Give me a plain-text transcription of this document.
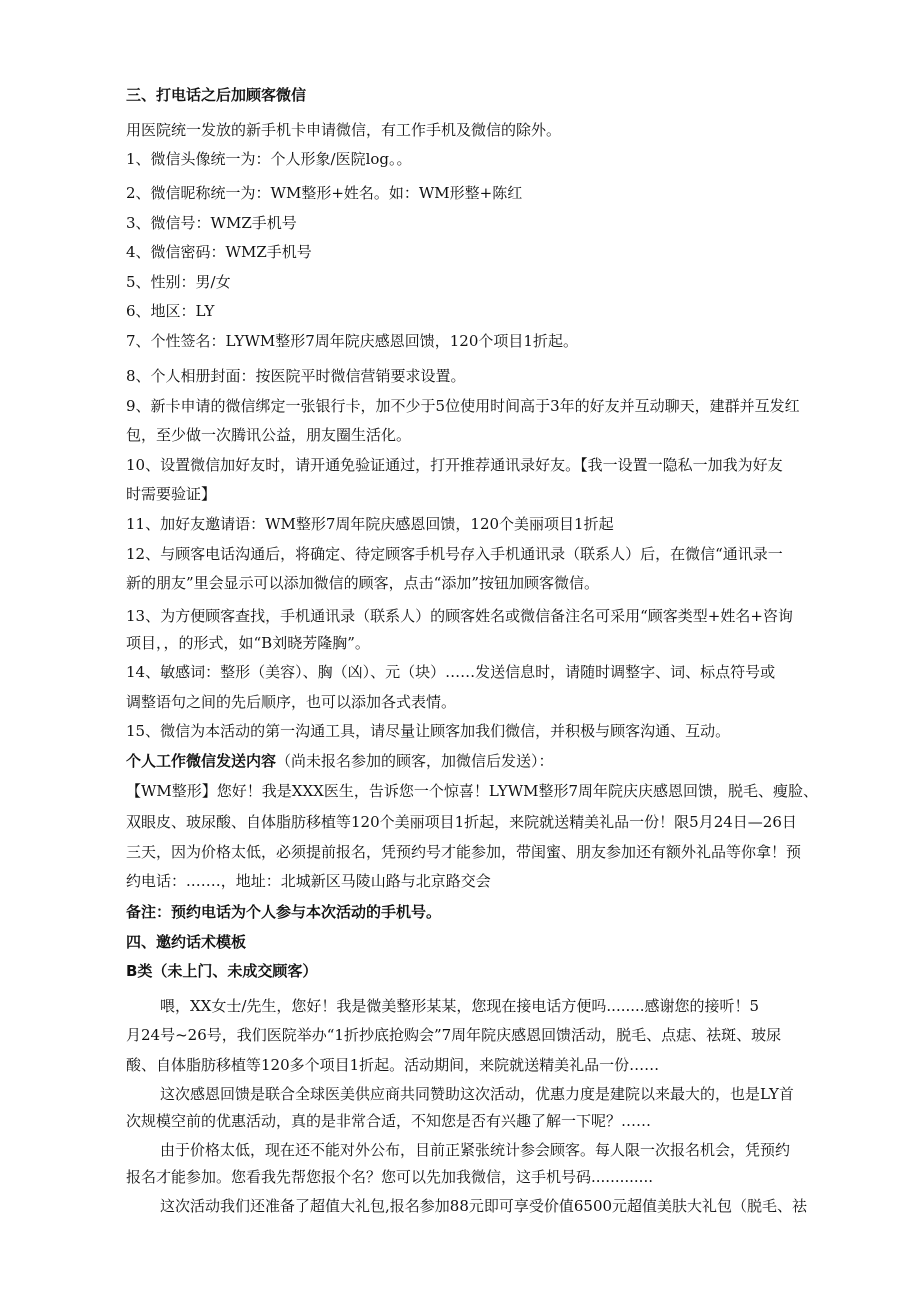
三、打电话之后加顾客微信
用医院统一发放的新手机卡申请微信，有工作手机及微信的除外。
1、微信头像统一为：个人形象/医院log。。
2、微信昵称统一为：WM整形+姓名。如：WM形整+陈红
3、微信号：WMZ手机号
4、微信密码：WMZ手机号
5、性别：男/女
6、地区：LY
7、个性签名：LYWM整形7周年院庆感恩回馈，120个项目1折起。
8、个人相册封面：按医院平时微信营销要求设置。
9、新卡申请的微信绑定一张银行卡，加不少于5位使用时间高于3年的好友并互动聊天，建群并互发红
包，至少做一次腾讯公益，朋友圈生活化。
10、设置微信加好友时，请开通免验证通过，打开推荐通讯录好友。【我一设置一隐私一加我为好友
时需要验证】
11、加好友邀请语：WM整形7周年院庆感恩回馈，120个美丽项目1折起
12、与顾客电话沟通后，将确定、待定顾客手机号存入手机通讯录（联系人）后，在微信“通讯录一
新的朋友”里会显示可以添加微信的顾客，点击“添加”按钮加顾客微信。
13、为方便顾客查找，手机通讯录（联系人）的顾客姓名或微信备注名可采用“顾客类型+姓名+咨询
项目，，的形式，如“B刘晓芳隆胸”。
14、敏感词：整形（美容）、胸（凶）、元（块）……发送信息时，请随时调整字、词、标点符号或
调整语句之间的先后顺序，也可以添加各式表情。
15、微信为本活动的第一沟通工具，请尽量让顾客加我们微信，并积极与顾客沟通、互动。
个人工作微信发送内容（尚未报名参加的顾客，加微信后发送）：
【WM整形】您好！我是XXX医生，告诉您一个惊喜！LYWM整形7周年院庆庆感恩回馈，脱毛、瘦脸、
双眼皮、玻尿酸、自体脂肪移植等120个美丽项目1折起，来院就送精美礼品一份！限5月24日—26日
三天，因为价格太低，必须提前报名，凭预约号才能参加，带闺蜜、朋友参加还有额外礼品等你拿！预
约电话：.……，地址：北城新区马陵山路与北京路交会
备注：预约电话为个人参与本次活动的手机号。
四、邀约话术模板
B类（未上门、未成交顾客）
喂，XX女士/先生，您好！我是微美整形某某，您现在接电话方便吗........感谢您的接听！5
月24号~26号，我们医院举办“1折抄底抢购会”7周年院庆感恩回馈活动，脱毛、点痣、祛斑、玻尿
酸、自体脂肪移植等120多个项目1折起。活动期间，来院就送精美礼品一份……
这次感恩回馈是联合全球医美供应商共同赞助这次活动，优惠力度是建院以来最大的，也是LY首
次规模空前的优惠活动，真的是非常合适，不知您是否有兴趣了解一下呢？……
由于价格太低，现在还不能对外公布，目前正紧张统计参会顾客。每人限一次报名机会，凭预约
报名才能参加。您看我先帮您报个名？您可以先加我微信，这手机号码.............
这次活动我们还准备了超值大礼包,报名参加88元即可享受价值6500元超值美肤大礼包（脱毛、祛
